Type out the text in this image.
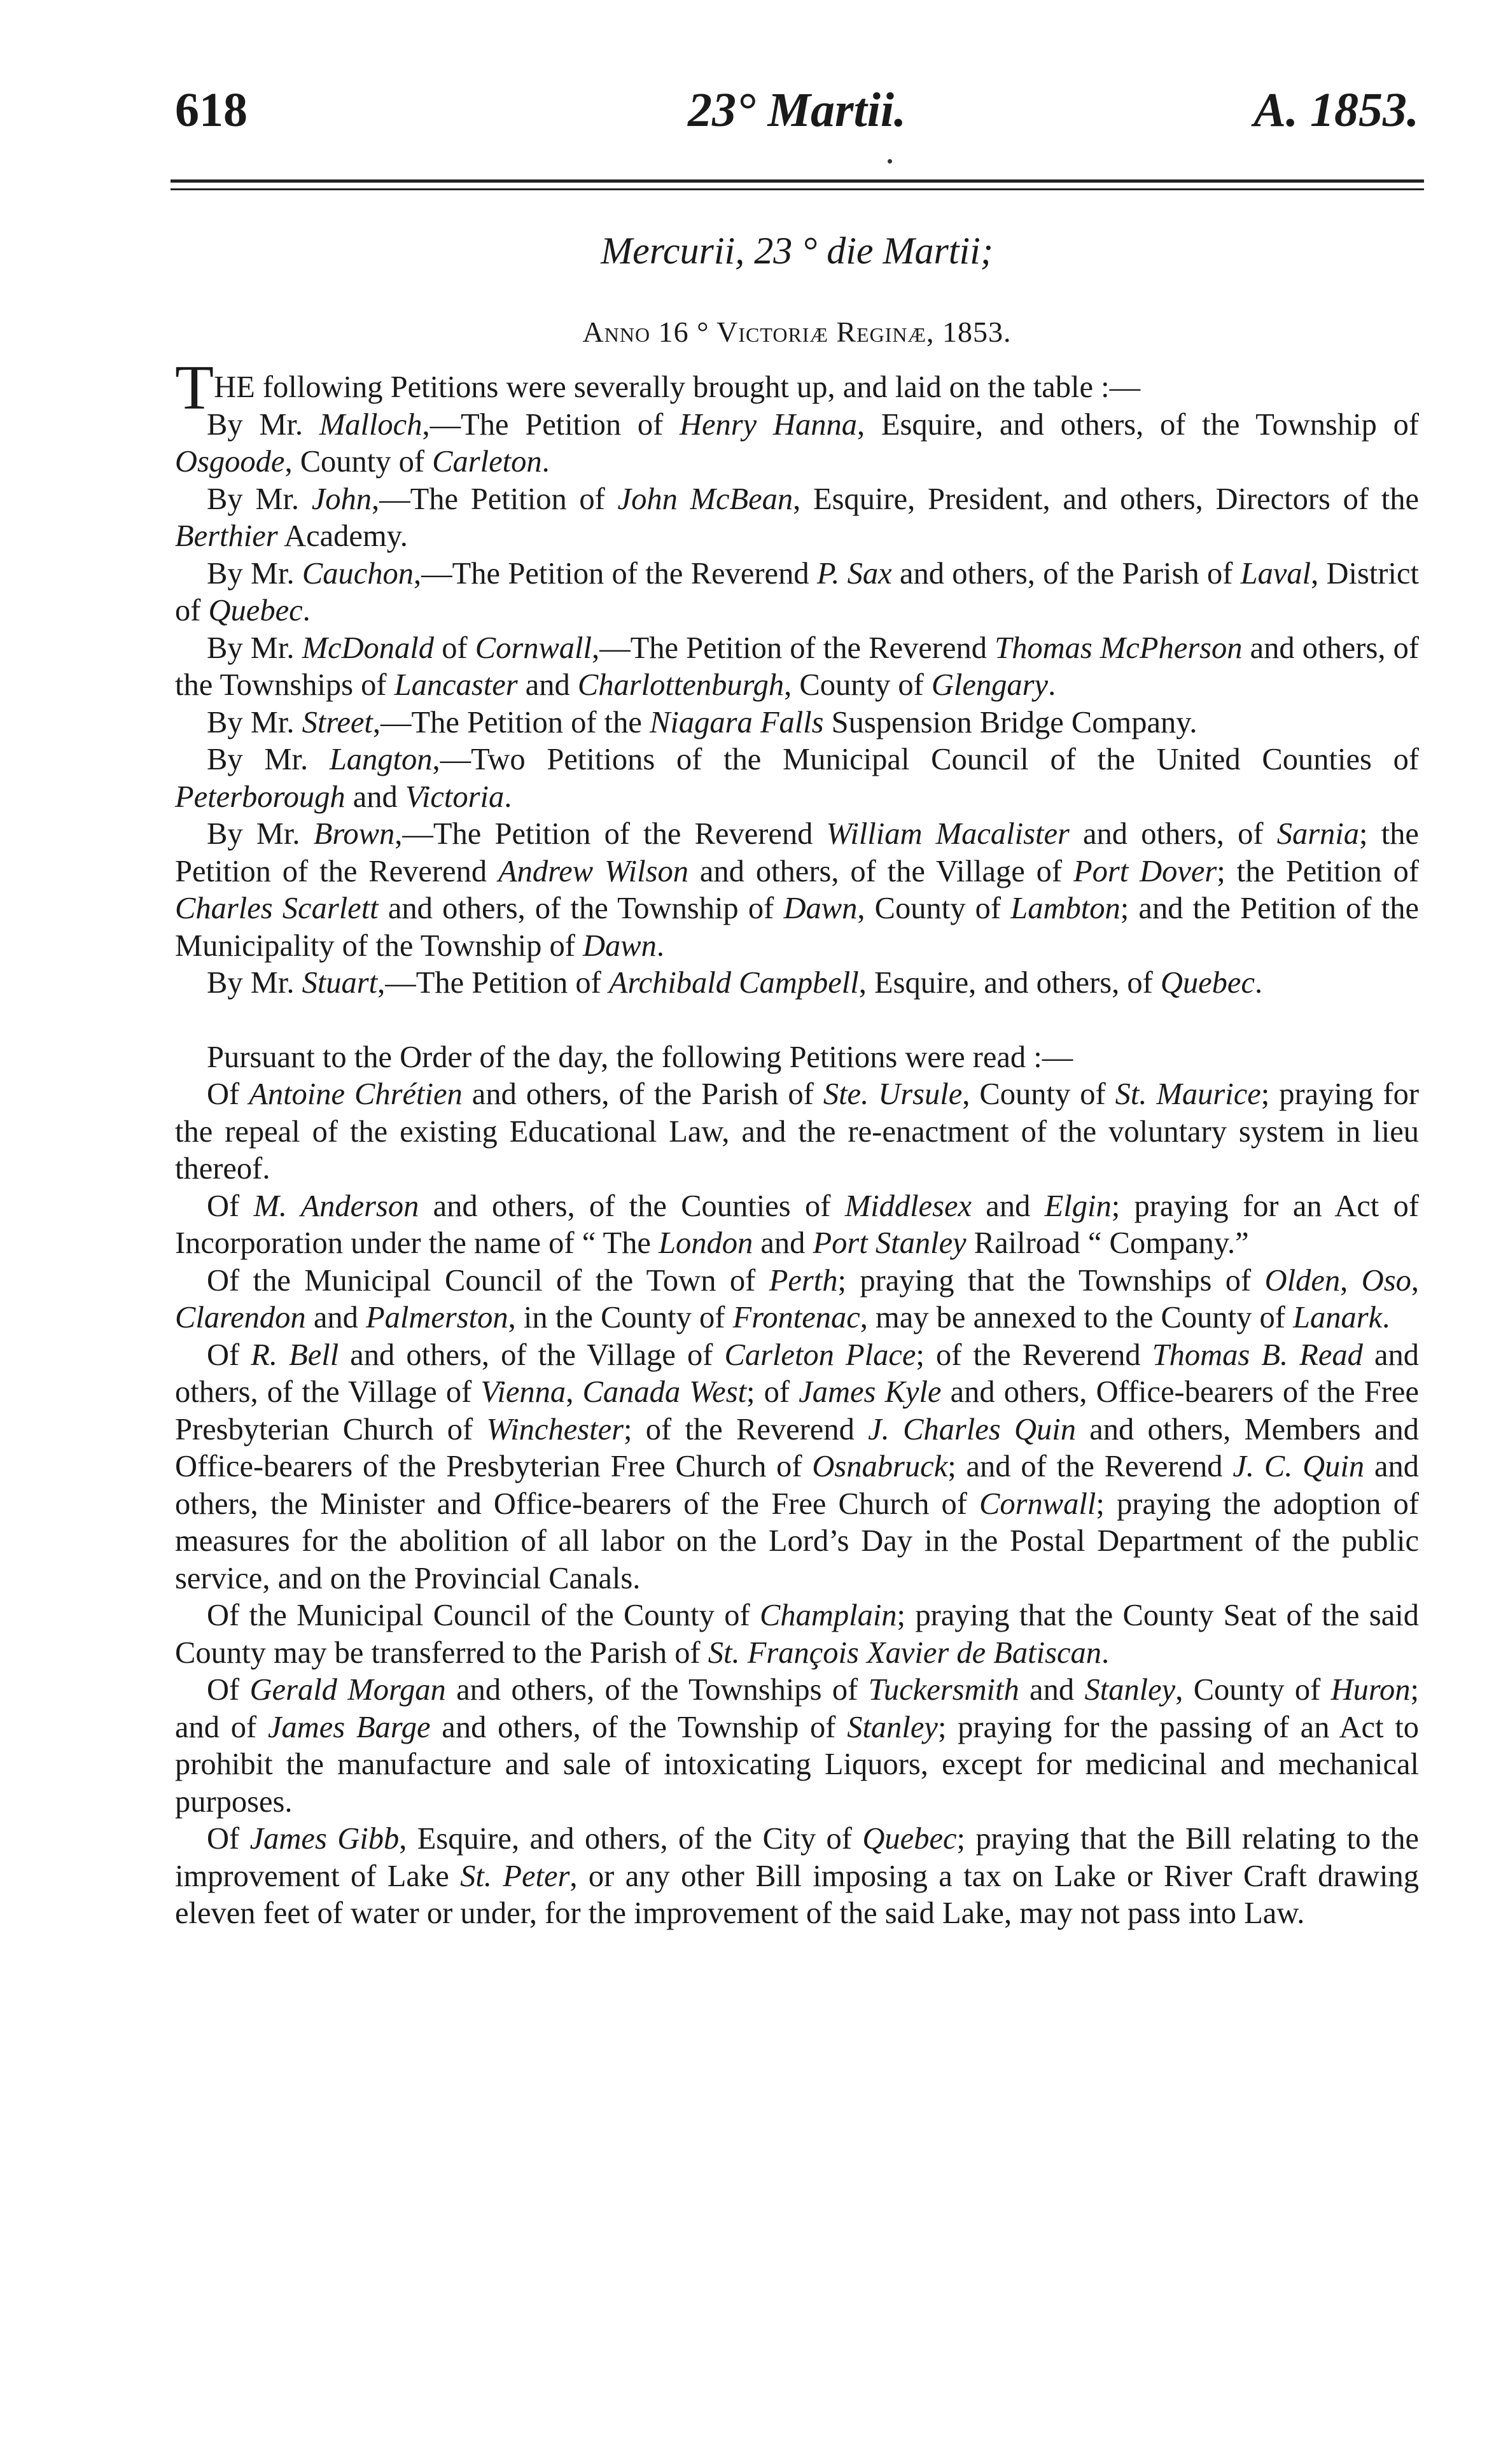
618	23° Martii.	A. 1853.
Mercurii, 23 ° die Martii;
Anno 16 ° Victoriæ Reginæ, 1853.

THE following Petitions were severally brought up, and laid on the table :—

By Mr. Malloch,—The Petition of Henry Hanna, Esquire, and others, of the Township of Osgoode, County of Carleton.

By Mr. John,—The Petition of John McBean, Esquire, President, and others, Directors of the Berthier Academy.

By Mr. Cauchon,—The Petition of the Reverend P. Sax and others, of the Parish of Laval, District of Quebec.

By Mr. McDonald of Cornwall,—The Petition of the Reverend Thomas McPherson and others, of the Townships of Lancaster and Charlottenburgh, County of Glengary.

By Mr. Street,—The Petition of the Niagara Falls Suspension Bridge Company.

By Mr. Langton,—Two Petitions of the Municipal Council of the United Counties of Peterborough and Victoria.

By Mr. Brown,—The Petition of the Reverend William Macalister and others, of Sarnia; the Petition of the Reverend Andrew Wilson and others, of the Village of Port Dover; the Petition of Charles Scarlett and others, of the Township of Dawn, County of Lambton; and the Petition of the Municipality of the Township of Dawn.

By Mr. Stuart,—The Petition of Archibald Campbell, Esquire, and others, of Quebec.

Pursuant to the Order of the day, the following Petitions were read :—

Of Antoine Chrétien and others, of the Parish of Ste. Ursule, County of St. Maurice; praying for the repeal of the existing Educational Law, and the re-enactment of the voluntary system in lieu thereof.

Of M. Anderson and others, of the Counties of Middlesex and Elgin; praying for an Act of Incorporation under the name of “ The London and Port Stanley Railroad “ Company.”

Of the Municipal Council of the Town of Perth; praying that the Townships of Olden, Oso, Clarendon and Palmerston, in the County of Frontenac, may be annexed to the County of Lanark.

Of R. Bell and others, of the Village of Carleton Place; of the Reverend Thomas B. Read and others, of the Village of Vienna, Canada West; of James Kyle and others, Office-bearers of the Free Presbyterian Church of Winchester; of the Reverend J. Charles Quin and others, Members and Office-bearers of the Presbyterian Free Church of Osnabruck; and of the Reverend J. C. Quin and others, the Minister and Office-bearers of the Free Church of Cornwall; praying the adoption of measures for the abolition of all labor on the Lord’s Day in the Postal Department of the public service, and on the Provincial Canals.

Of the Municipal Council of the County of Champlain; praying that the County Seat of the said County may be transferred to the Parish of St. François Xavier de Batiscan.

Of Gerald Morgan and others, of the Townships of Tuckersmith and Stanley, County of Huron; and of James Barge and others, of the Township of Stanley; praying for the passing of an Act to prohibit the manufacture and sale of intoxicating Liquors, except for medicinal and mechanical purposes.

Of James Gibb, Esquire, and others, of the City of Quebec; praying that the Bill relating to the improvement of Lake St. Peter, or any other Bill imposing a tax on Lake or River Craft drawing eleven feet of water or under, for the improvement of the said Lake, may not pass into Law.
